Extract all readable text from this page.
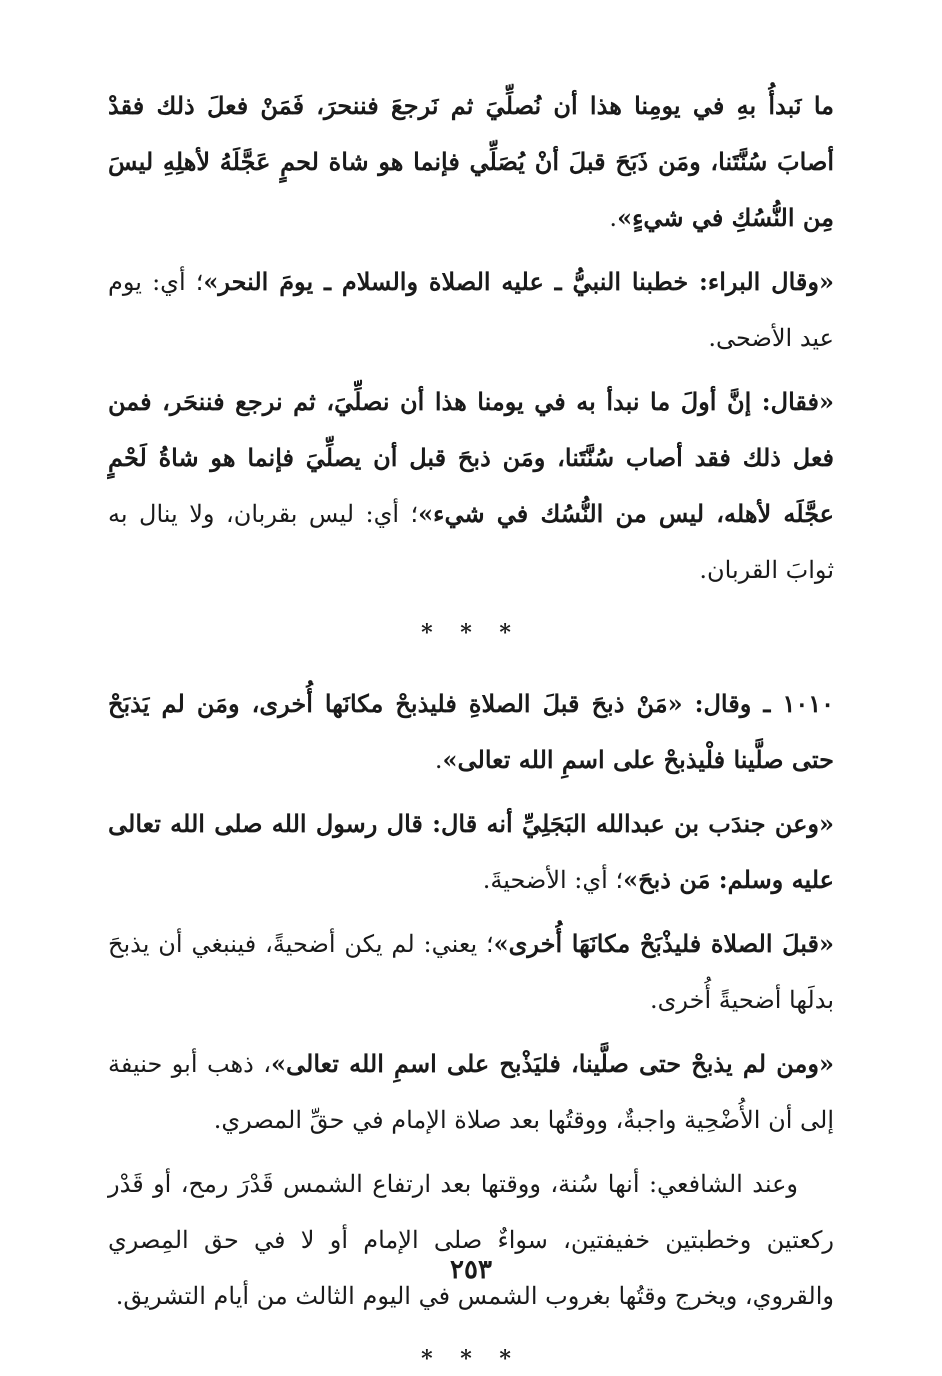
ما نَبدأُ بهِ في يومِنا هذا أن نُصلِّيَ ثم نَرجعَ فننحرَ، فَمَنْ فعلَ ذلك فقدْ أصابَ سُنَّتَنا، ومَن ذَبَحَ قبلَ أنْ يُصَلِّي فإنما هو شاة لحمٍ عَجَّلَهُ لأهلِهِ ليسَ مِن النُّسُكِ في شيءٍ».

«وقال البراء: خطبنا النبيُّ ـ عليه الصلاة والسلام ـ يومَ النحر»؛ أي: يوم عيد الأضحى.

«فقال: إنَّ أولَ ما نبدأ به في يومنا هذا أن نصلِّيَ، ثم نرجع فننحَر، فمن فعل ذلك فقد أصاب سُنَّتَنا، ومَن ذبحَ قبل أن يصلِّيَ فإنما هو شاةُ لَحْمٍ عجَّلَه لأهله، ليس من النُّسُك في شيء»؛ أي: ليس بقربان، ولا ينال به ثوابَ القربان.

* * *

١٠١٠ ـ وقال: «مَنْ ذبحَ قبلَ الصلاةِ فليذبحْ مكانَها أُخرى، ومَن لم يَذبَحْ حتى صلَّينا فلْيذبحْ على اسمِ الله تعالى».

«وعن جندَب بن عبدالله البَجَلِيِّ أنه قال: قال رسول الله صلى الله تعالى عليه وسلم: مَن ذبحَ»؛ أي: الأضحيةَ.

«قبلَ الصلاة فليذْبَحْ مكانَهَا أُخرى»؛ يعني: لم يكن أضحيةً، فينبغي أن يذبحَ بدلَها أضحيةً أُخرى.

«ومن لم يذبحْ حتى صلَّينا، فليَذْبح على اسمِ الله تعالى»، ذهب أبو حنيفة إلى أن الأُضْحِية واجبةٌ، ووقتُها بعد صلاة الإمام في حقِّ المصري.

وعند الشافعي: أنها سُنة، ووقتها بعد ارتفاع الشمس قَدْرَ رمح، أو قَدْر ركعتين وخطبتين خفيفتين، سواءٌ صلى الإمام أو لا في حق المِصري والقروي، ويخرج وقتُها بغروب الشمس في اليوم الثالث من أيام التشريق.

* * *
٢٥٣
